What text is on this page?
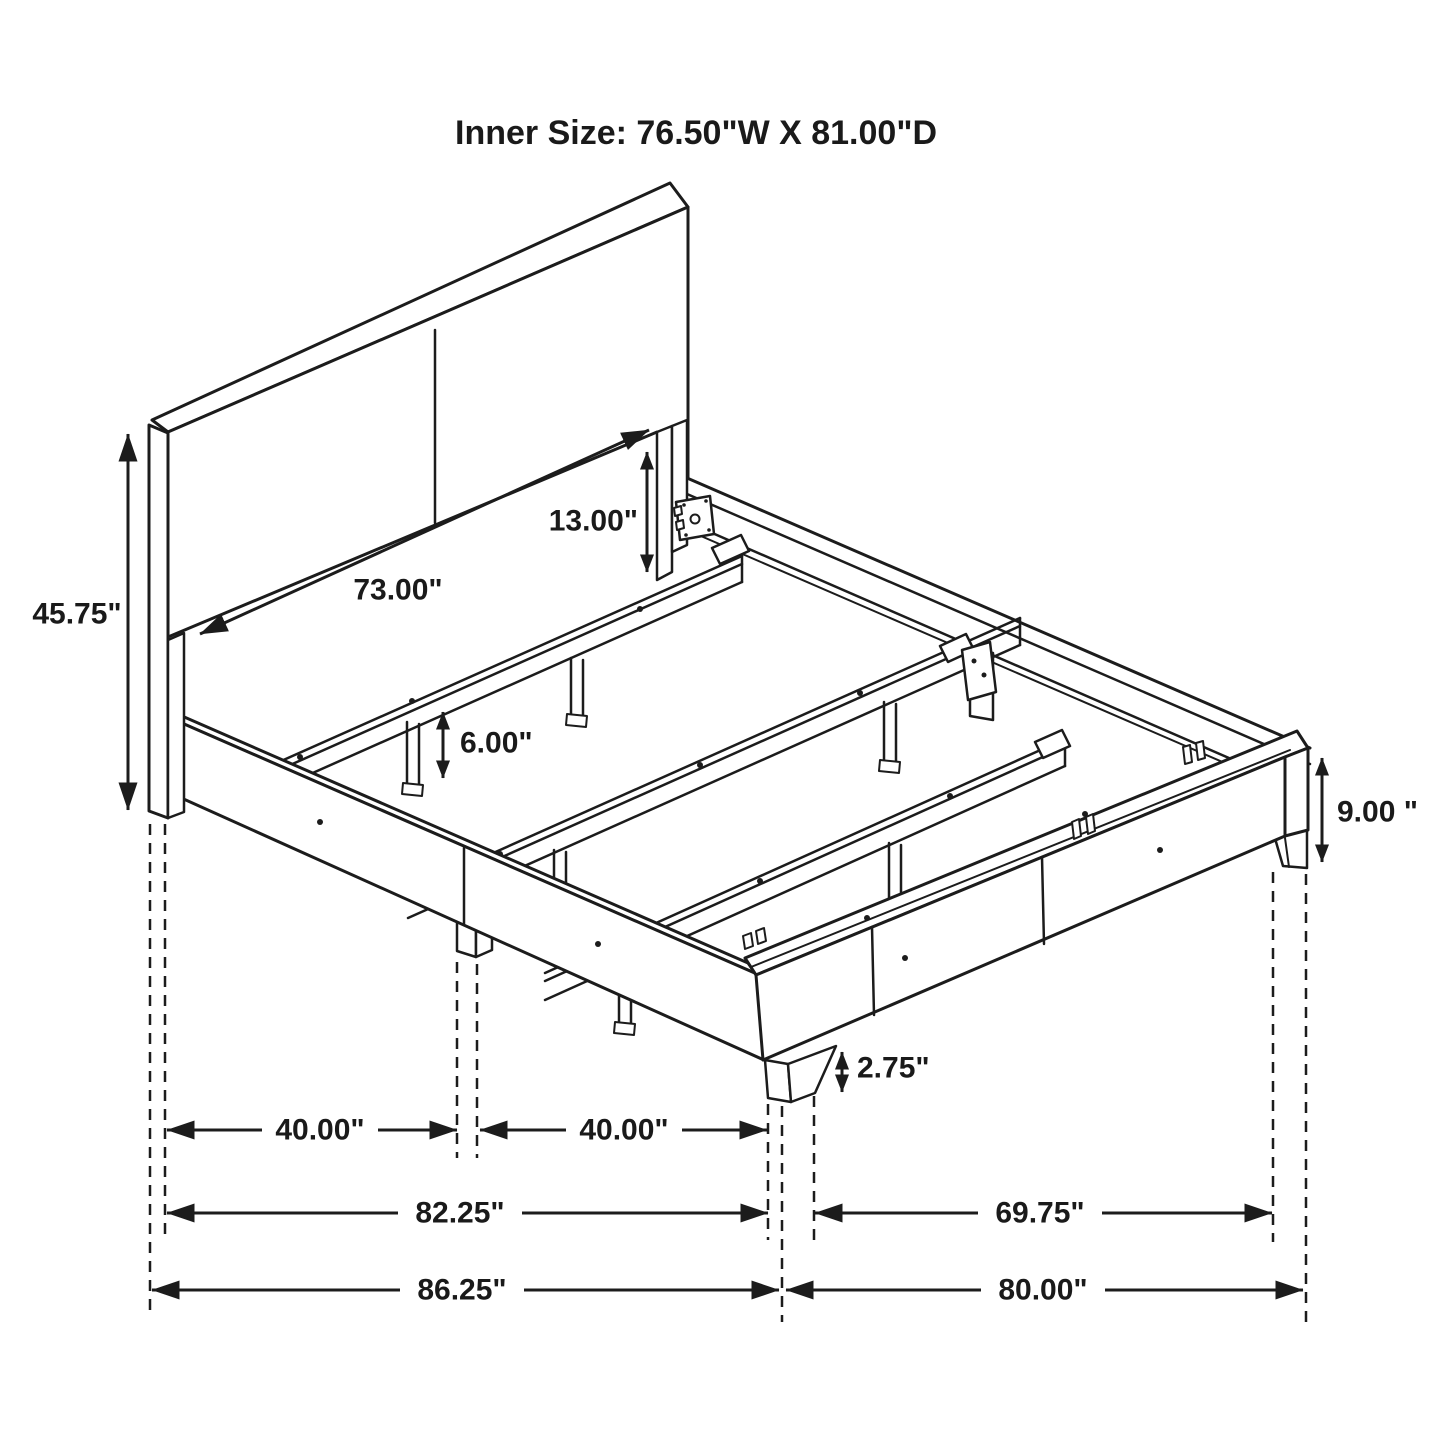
Inner Size: 76.50"W X 81.00"D
45.75"
73.00"
13.00"
6.00"
9.00 "
2.75"
40.00"	40.00"
82.25"	69.75"
86.25"	80.00"
